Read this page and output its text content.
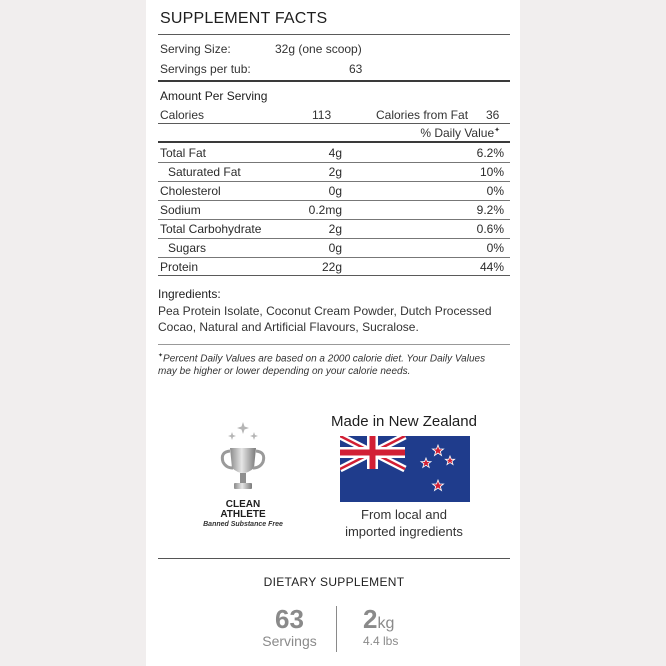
SUPPLEMENT FACTS
Serving Size:	32g (one scoop)
Servings per tub:	63
Amount Per Serving
Calories	113	Calories from Fat 36
% Daily Value✦
Total Fat	4g	6.2%
Saturated Fat	2g	10%
Cholesterol	0g	0%
Sodium	0.2mg	9.2%
Total Carbohydrate	2g	0.6%
Sugars	0g	0%
Protein	22g	44%
Ingredients:
Pea Protein Isolate, Coconut Cream Powder, Dutch Processed
Cocao, Natural and Artificial Flavours, Sucralose.
✦Percent Daily Values are based on a 2000 calorie diet. Your Daily Values
may be higher or lower depending on your calorie needs.
CLEAN
ATHLETE
Banned Substance Free
Made in New Zealand
From local and
imported ingredients
DIETARY SUPPLEMENT
63
Servings
2kg
4.4 lbs
